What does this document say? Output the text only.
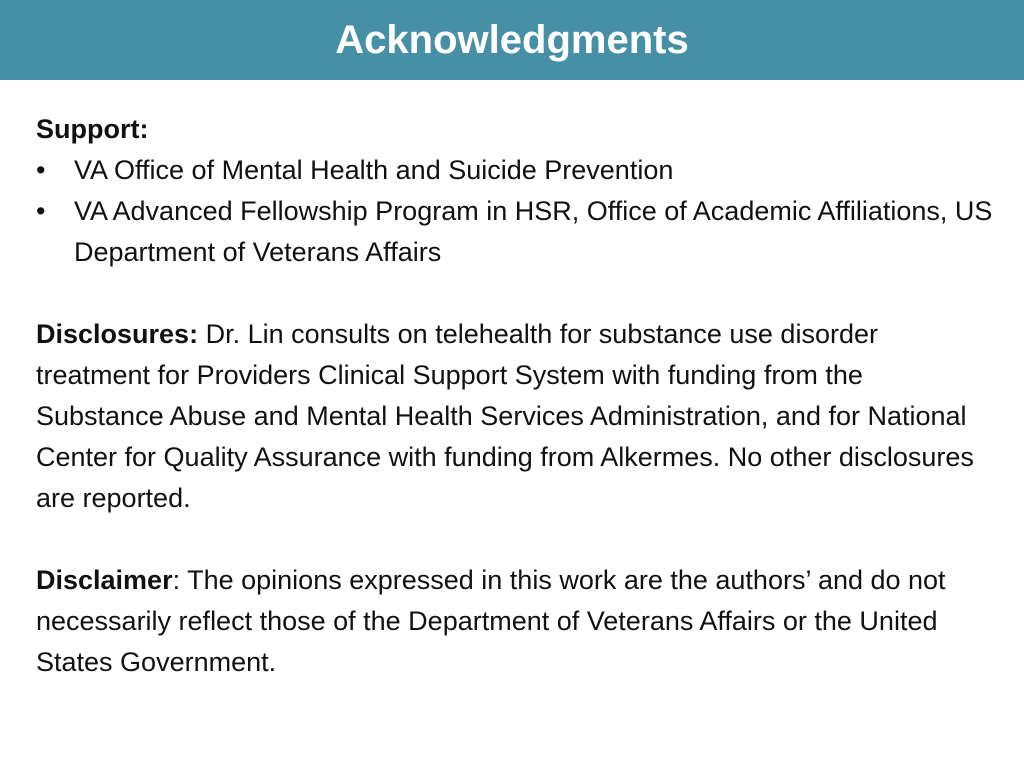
Acknowledgments
Support:
•	VA Office of Mental Health and Suicide Prevention
•	VA Advanced Fellowship Program in HSR, Office of Academic Affiliations, US Department of Veterans Affairs

Disclosures: Dr. Lin consults on telehealth for substance use disorder treatment for Providers Clinical Support System with funding from the Substance Abuse and Mental Health Services Administration, and for National Center for Quality Assurance with funding from Alkermes. No other disclosures are reported.

Disclaimer: The opinions expressed in this work are the authors’ and do not necessarily reflect those of the Department of Veterans Affairs or the United States Government.
